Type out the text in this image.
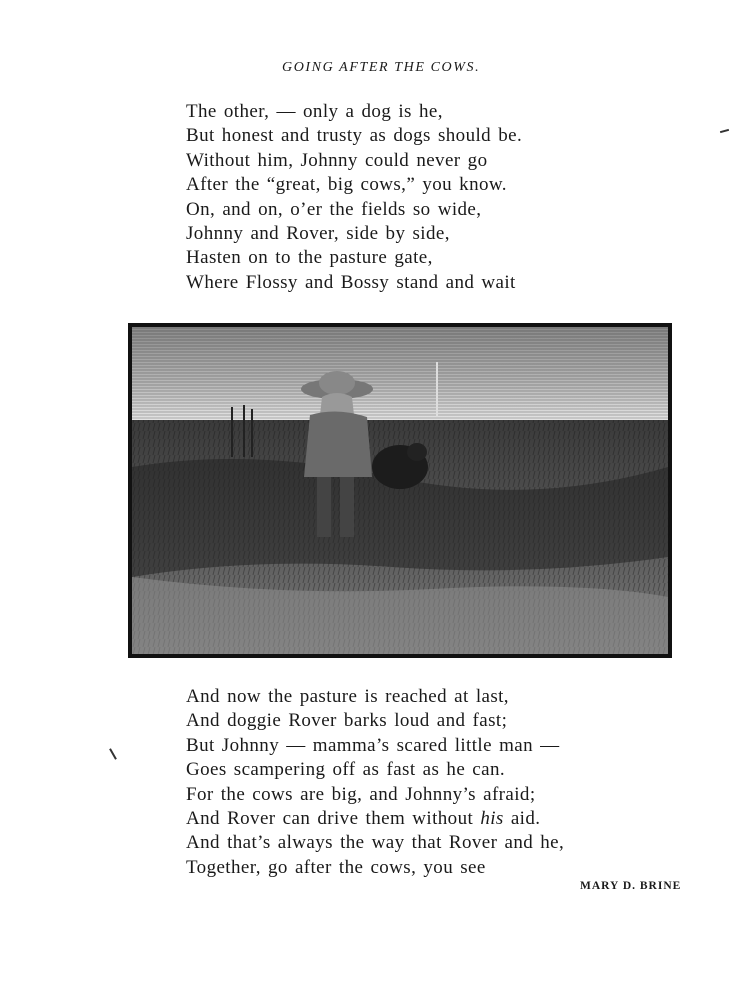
GOING AFTER THE COWS.
The other, — only a dog is he,
But honest and trusty as dogs should be.
Without him, Johnny could never go
After the “great, big cows,” you know.
On, and on, o’er the fields so wide,
Johnny and Rover, side by side,
Hasten on to the pasture gate,
Where Flossy and Bossy stand and wait
And now the pasture is reached at last,
And doggie Rover barks loud and fast;
But Johnny — mamma’s scared little man —
Goes scampering off as fast as he can.
For the cows are big, and Johnny’s afraid;
And Rover can drive them without his aid.
And that’s always the way that Rover and he,
Together, go after the cows, you see
MARY D. BRINE
